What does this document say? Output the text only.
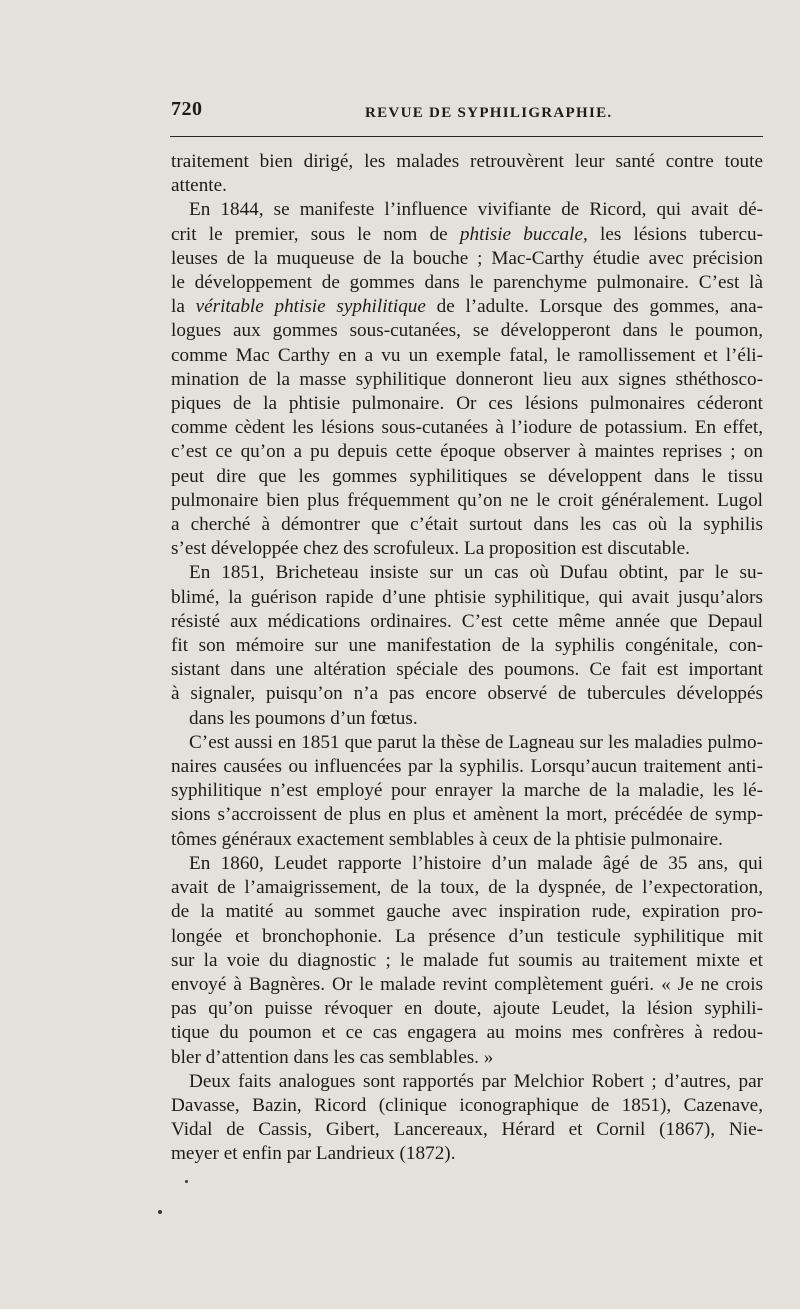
720	REVUE DE SYPHILIGRAPHIE.
traitement bien dirigé, les malades retrouvèrent leur santé contre toute
attente.
En 1844, se manifeste l’influence vivifiante de Ricord, qui avait dé-
crit le premier, sous le nom de phtisie buccale, les lésions tubercu-
leuses de la muqueuse de la bouche ; Mac-Carthy étudie avec précision
le développement de gommes dans le parenchyme pulmonaire. C’est là
la véritable phtisie syphilitique de l’adulte. Lorsque des gommes, ana-
logues aux gommes sous-cutanées, se développeront dans le poumon,
comme Mac Carthy en a vu un exemple fatal, le ramollissement et l’éli-
mination de la masse syphilitique donneront lieu aux signes sthéthosco-
piques de la phtisie pulmonaire. Or ces lésions pulmonaires céderont
comme cèdent les lésions sous-cutanées à l’iodure de potassium. En effet,
c’est ce qu’on a pu depuis cette époque observer à maintes reprises ; on
peut dire que les gommes syphilitiques se développent dans le tissu
pulmonaire bien plus fréquemment qu’on ne le croit généralement. Lugol
a cherché à démontrer que c’était surtout dans les cas où la syphilis
s’est développée chez des scrofuleux. La proposition est discutable.
En 1851, Bricheteau insiste sur un cas où Dufau obtint, par le su-
blimé, la guérison rapide d’une phtisie syphilitique, qui avait jusqu’alors
résisté aux médications ordinaires. C’est cette même année que Depaul
fit son mémoire sur une manifestation de la syphilis congénitale, con-
sistant dans une altération spéciale des poumons. Ce fait est important
à signaler, puisqu’on n’a pas encore observé de tubercules développés
dans les poumons d’un fœtus.
C’est aussi en 1851 que parut la thèse de Lagneau sur les maladies pulmo-
naires causées ou influencées par la syphilis. Lorsqu’aucun traitement anti-
syphilitique n’est employé pour enrayer la marche de la maladie, les lé-
sions s’accroissent de plus en plus et amènent la mort, précédée de symp-
tômes généraux exactement semblables à ceux de la phtisie pulmonaire.
En 1860, Leudet rapporte l’histoire d’un malade âgé de 35 ans, qui
avait de l’amaigrissement, de la toux, de la dyspnée, de l’expectoration,
de la matité au sommet gauche avec inspiration rude, expiration pro-
longée et bronchophonie. La présence d’un testicule syphilitique mit
sur la voie du diagnostic ; le malade fut soumis au traitement mixte et
envoyé à Bagnères. Or le malade revint complètement guéri. « Je ne crois
pas qu’on puisse révoquer en doute, ajoute Leudet, la lésion syphili-
tique du poumon et ce cas engagera au moins mes confrères à redou-
bler d’attention dans les cas semblables. »
Deux faits analogues sont rapportés par Melchior Robert ; d’autres, par
Davasse, Bazin, Ricord (clinique iconographique de 1851), Cazenave,
Vidal de Cassis, Gibert, Lancereaux, Hérard et Cornil (1867), Nie-
meyer et enfin par Landrieux (1872).
